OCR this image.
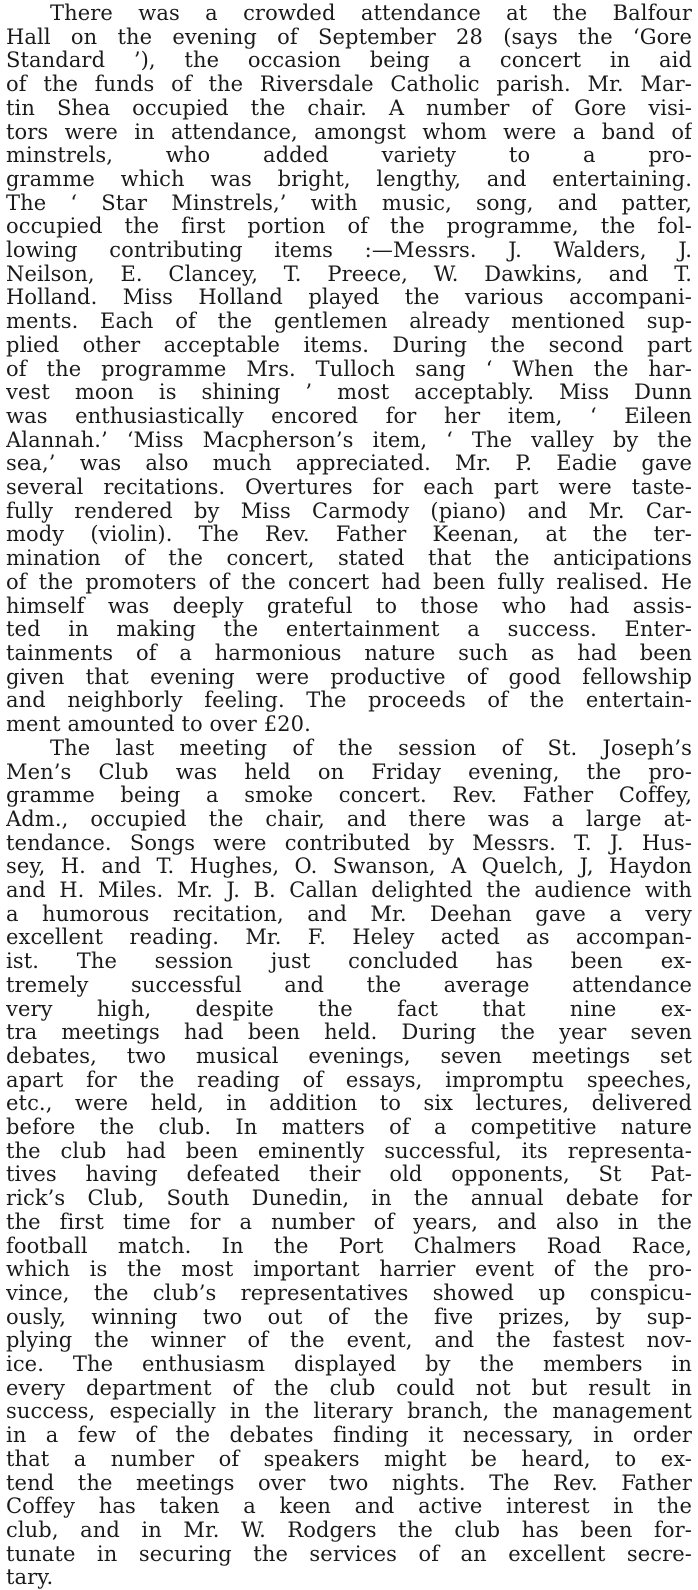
There was a crowded attendance at the Balfour
Hall on the evening of September 28 (says the ‘Gore
Standard ’), the occasion being a concert in aid
of the funds of the Riversdale Catholic parish. Mr. Mar-
tin Shea occupied the chair. A number of Gore visi-
tors were in attendance, amongst whom were a band of
minstrels, who added variety to a pro-
gramme which was bright, lengthy, and entertaining.
The ‘ Star Minstrels,’ with music, song, and patter,
occupied the first portion of the programme, the fol-
lowing contributing items :—Messrs. J. Walders, J.
Neilson, E. Clancey, T. Preece, W. Dawkins, and T.
Holland. Miss Holland played the various accompani-
ments. Each of the gentlemen already mentioned sup-
plied other acceptable items. During the second part
of the programme Mrs. Tulloch sang ‘ When the har-
vest moon is shining ’ most acceptably. Miss Dunn
was enthusiastically encored for her item, ‘ Eileen
Alannah.’ ‘Miss Macpherson’s item, ‘ The valley by the
sea,’ was also much appreciated. Mr. P. Eadie gave
several recitations. Overtures for each part were taste-
fully rendered by Miss Carmody (piano) and Mr. Car-
mody (violin). The Rev. Father Keenan, at the ter-
mination of the concert, stated that the anticipations
of the promoters of the concert had been fully realised. He
himself was deeply grateful to those who had assis-
ted in making the entertainment a success. Enter-
tainments of a harmonious nature such as had been
given that evening were productive of good fellowship
and neighborly feeling. The proceeds of the entertain-
ment amounted to over £20.
The last meeting of the session of St. Joseph’s
Men’s Club was held on Friday evening, the pro-
gramme being a smoke concert. Rev. Father Coffey,
Adm., occupied the chair, and there was a large at-
tendance. Songs were contributed by Messrs. T. J. Hus-
sey, H. and T. Hughes, O. Swanson, A Quelch, J, Haydon
and H. Miles. Mr. J. B. Callan delighted the audience with
a humorous recitation, and Mr. Deehan gave a very
excellent reading. Mr. F. Heley acted as accompan-
ist. The session just concluded has been ex-
tremely successful and the average attendance
very high, despite the fact that nine ex-
tra meetings had been held. During the year seven
debates, two musical evenings, seven meetings set
apart for the reading of essays, impromptu speeches,
etc., were held, in addition to six lectures, delivered
before the club. In matters of a competitive nature
the club had been eminently successful, its representa-
tives having defeated their old opponents, St Pat-
rick’s Club, South Dunedin, in the annual debate for
the first time for a number of years, and also in the
football match. In the Port Chalmers Road Race,
which is the most important harrier event of the pro-
vince, the club’s representatives showed up conspicu-
ously, winning two out of the five prizes, by sup-
plying the winner of the event, and the fastest nov-
ice. The enthusiasm displayed by the members in
every department of the club could not but result in
success, especially in the literary branch, the management
in a few of the debates finding it necessary, in order
that a number of speakers might be heard, to ex-
tend the meetings over two nights. The Rev. Father
Coffey has taken a keen and active interest in the
club, and in Mr. W. Rodgers the club has been for-
tunate in securing the services of an excellent secre-
tary.
